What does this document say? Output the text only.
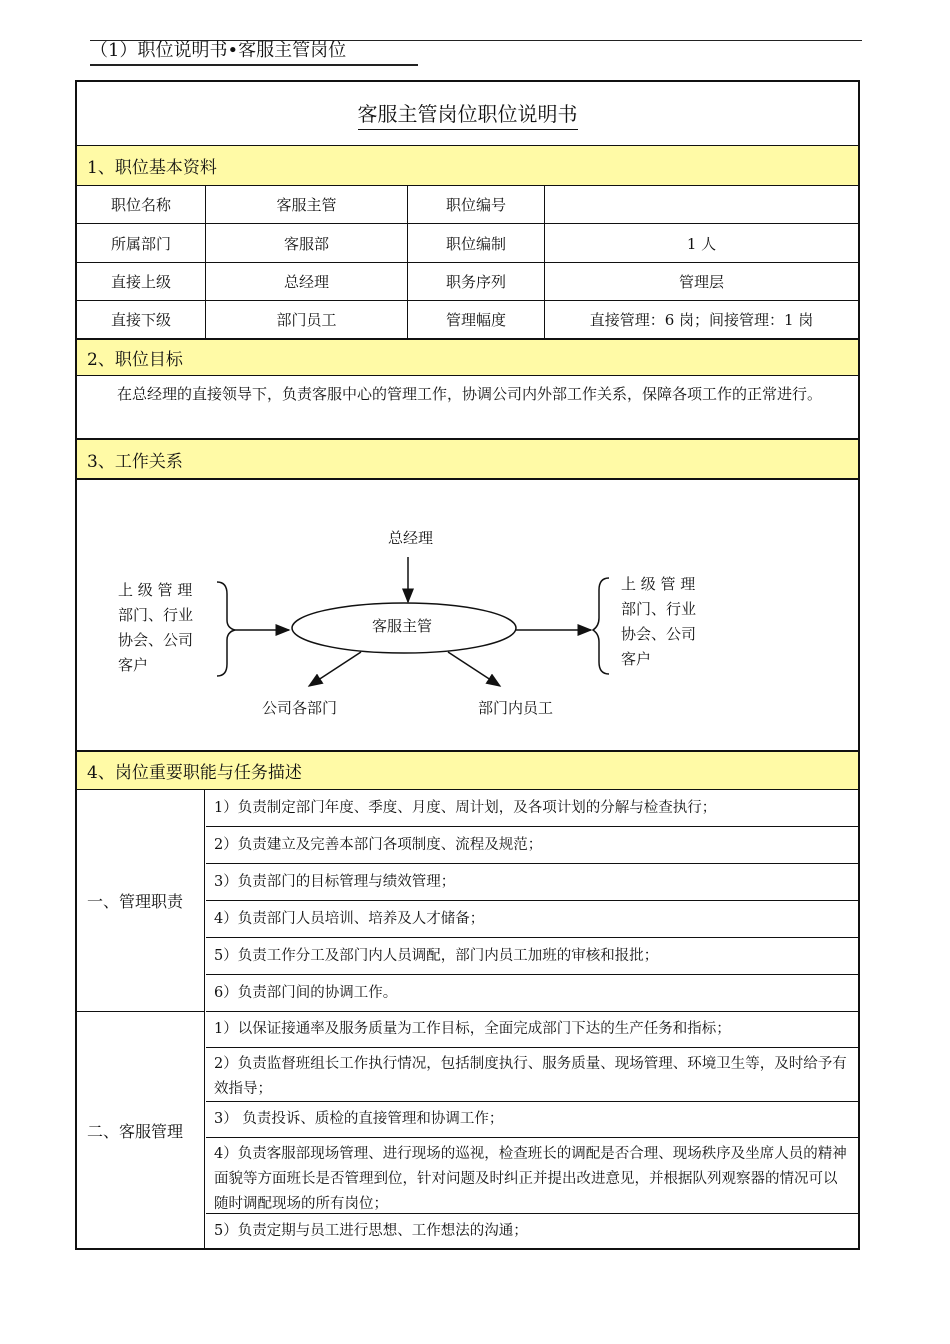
（1）职位说明书•客服主管岗位
客服主管岗位职位说明书
1、职位基本资料
职位名称	客服主管	职位编号
所属部门	客服部	职位编制	1 人
直接上级	总经理	职务序列	管理层
直接下级	部门员工	管理幅度	直接管理：6 岗；间接管理：1 岗
2、职位目标
在总经理的直接领导下，负责客服中心的管理工作，协调公司内外部工作关系，保障各项工作的正常进行。
3、工作关系
总经理
客服主管
上 级 管 理
部门、行业
协会、公司
客户
上 级 管 理
部门、行业
协会、公司
客户
公司各部门	部门内员工
4、岗位重要职能与任务描述
一、管理职责
1）负责制定部门年度、季度、月度、周计划，及各项计划的分解与检查执行；
2）负责建立及完善本部门各项制度、流程及规范；
3）负责部门的目标管理与绩效管理；
4）负责部门人员培训、培养及人才储备；
5）负责工作分工及部门内人员调配，部门内员工加班的审核和报批；
6）负责部门间的协调工作。
二、客服管理
1）以保证接通率及服务质量为工作目标，全面完成部门下达的生产任务和指标；
2）负责监督班组长工作执行情况，包括制度执行、服务质量、现场管理、环境卫生等，及时给予有效指导；
3） 负责投诉、质检的直接管理和协调工作；
4）负责客服部现场管理、进行现场的巡视，检查班长的调配是否合理、现场秩序及坐席人员的精神面貌等方面班长是否管理到位，针对问题及时纠正并提出改进意见，并根据队列观察器的情况可以随时调配现场的所有岗位；
5）负责定期与员工进行思想、工作想法的沟通；
